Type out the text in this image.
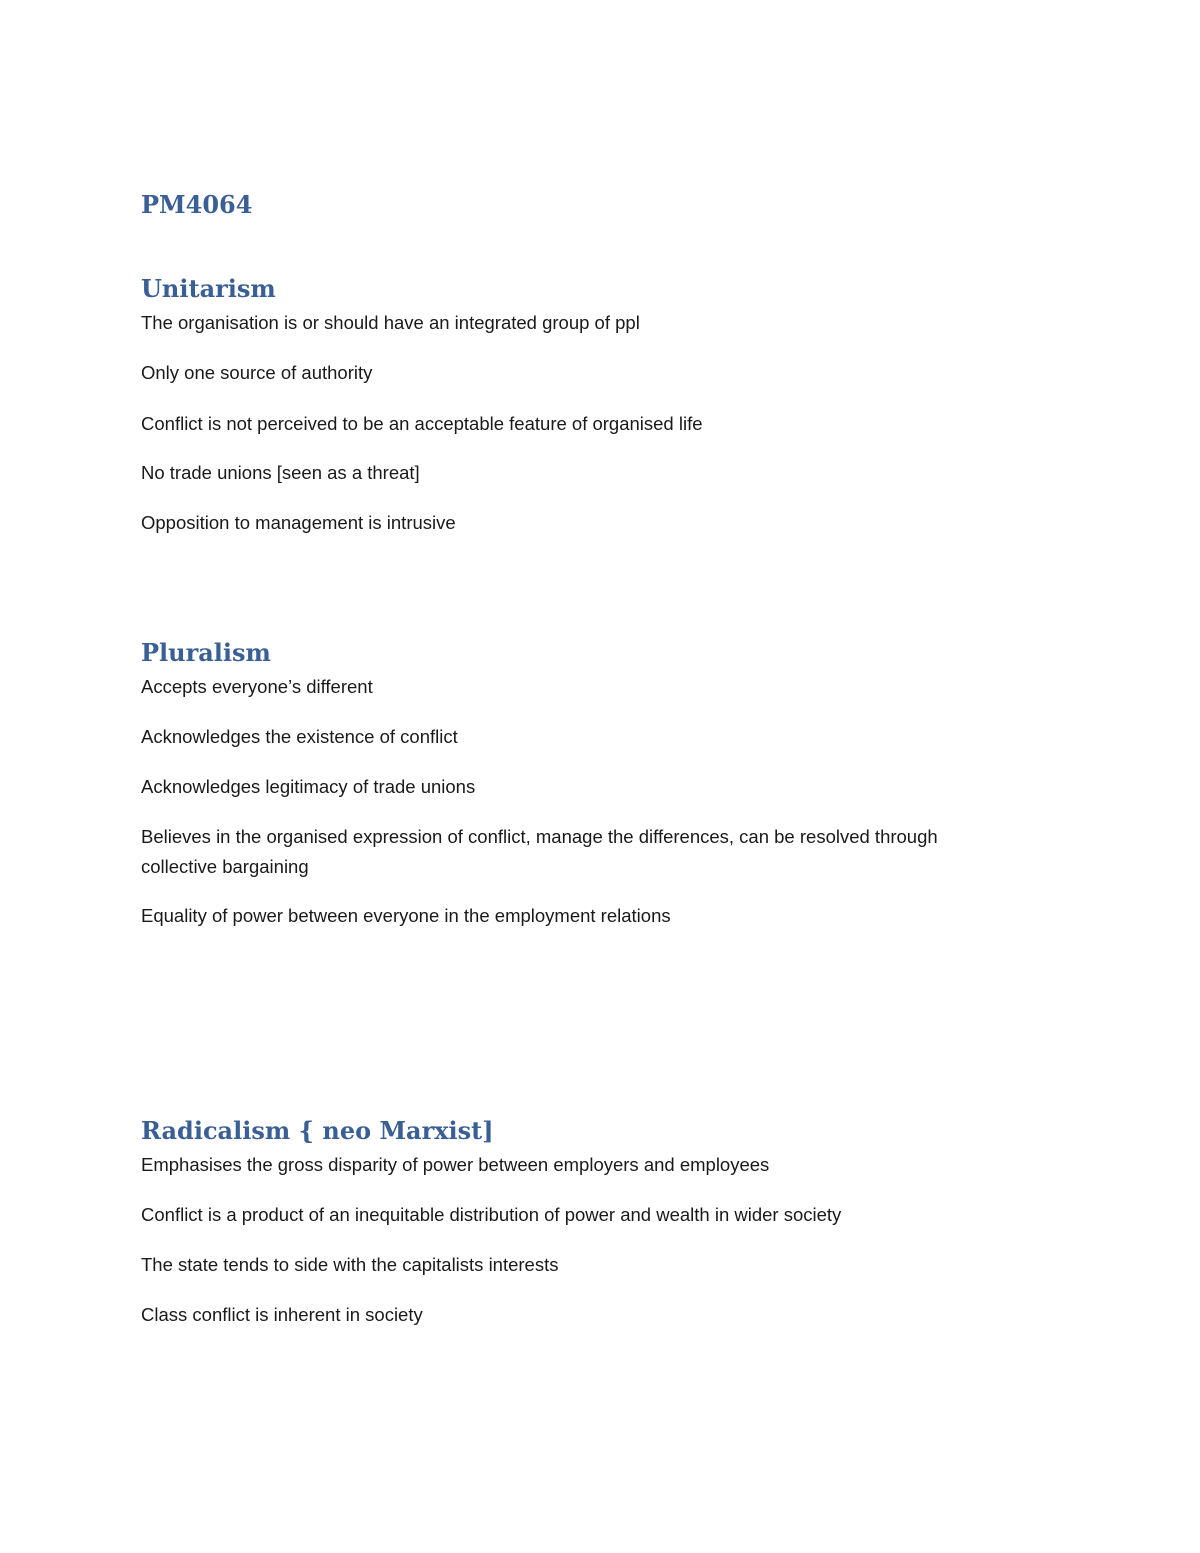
PM4064
Unitarism

The organisation is or should have an integrated group of ppl

Only one source of authority

Conflict is not perceived to be an acceptable feature of organised life

No trade unions [seen as a threat]

Opposition to management is intrusive

Pluralism

Accepts everyone’s different

Acknowledges the existence of conflict

Acknowledges legitimacy of trade unions

Believes in the organised expression of conflict, manage the differences, can be resolved through

collective bargaining

Equality of power between everyone in the employment relations

Radicalism { neo Marxist]

Emphasises the gross disparity of power between employers and employees

Conflict is a product of an inequitable distribution of power and wealth in wider society

The state tends to side with the capitalists interests

Class conflict is inherent in society
